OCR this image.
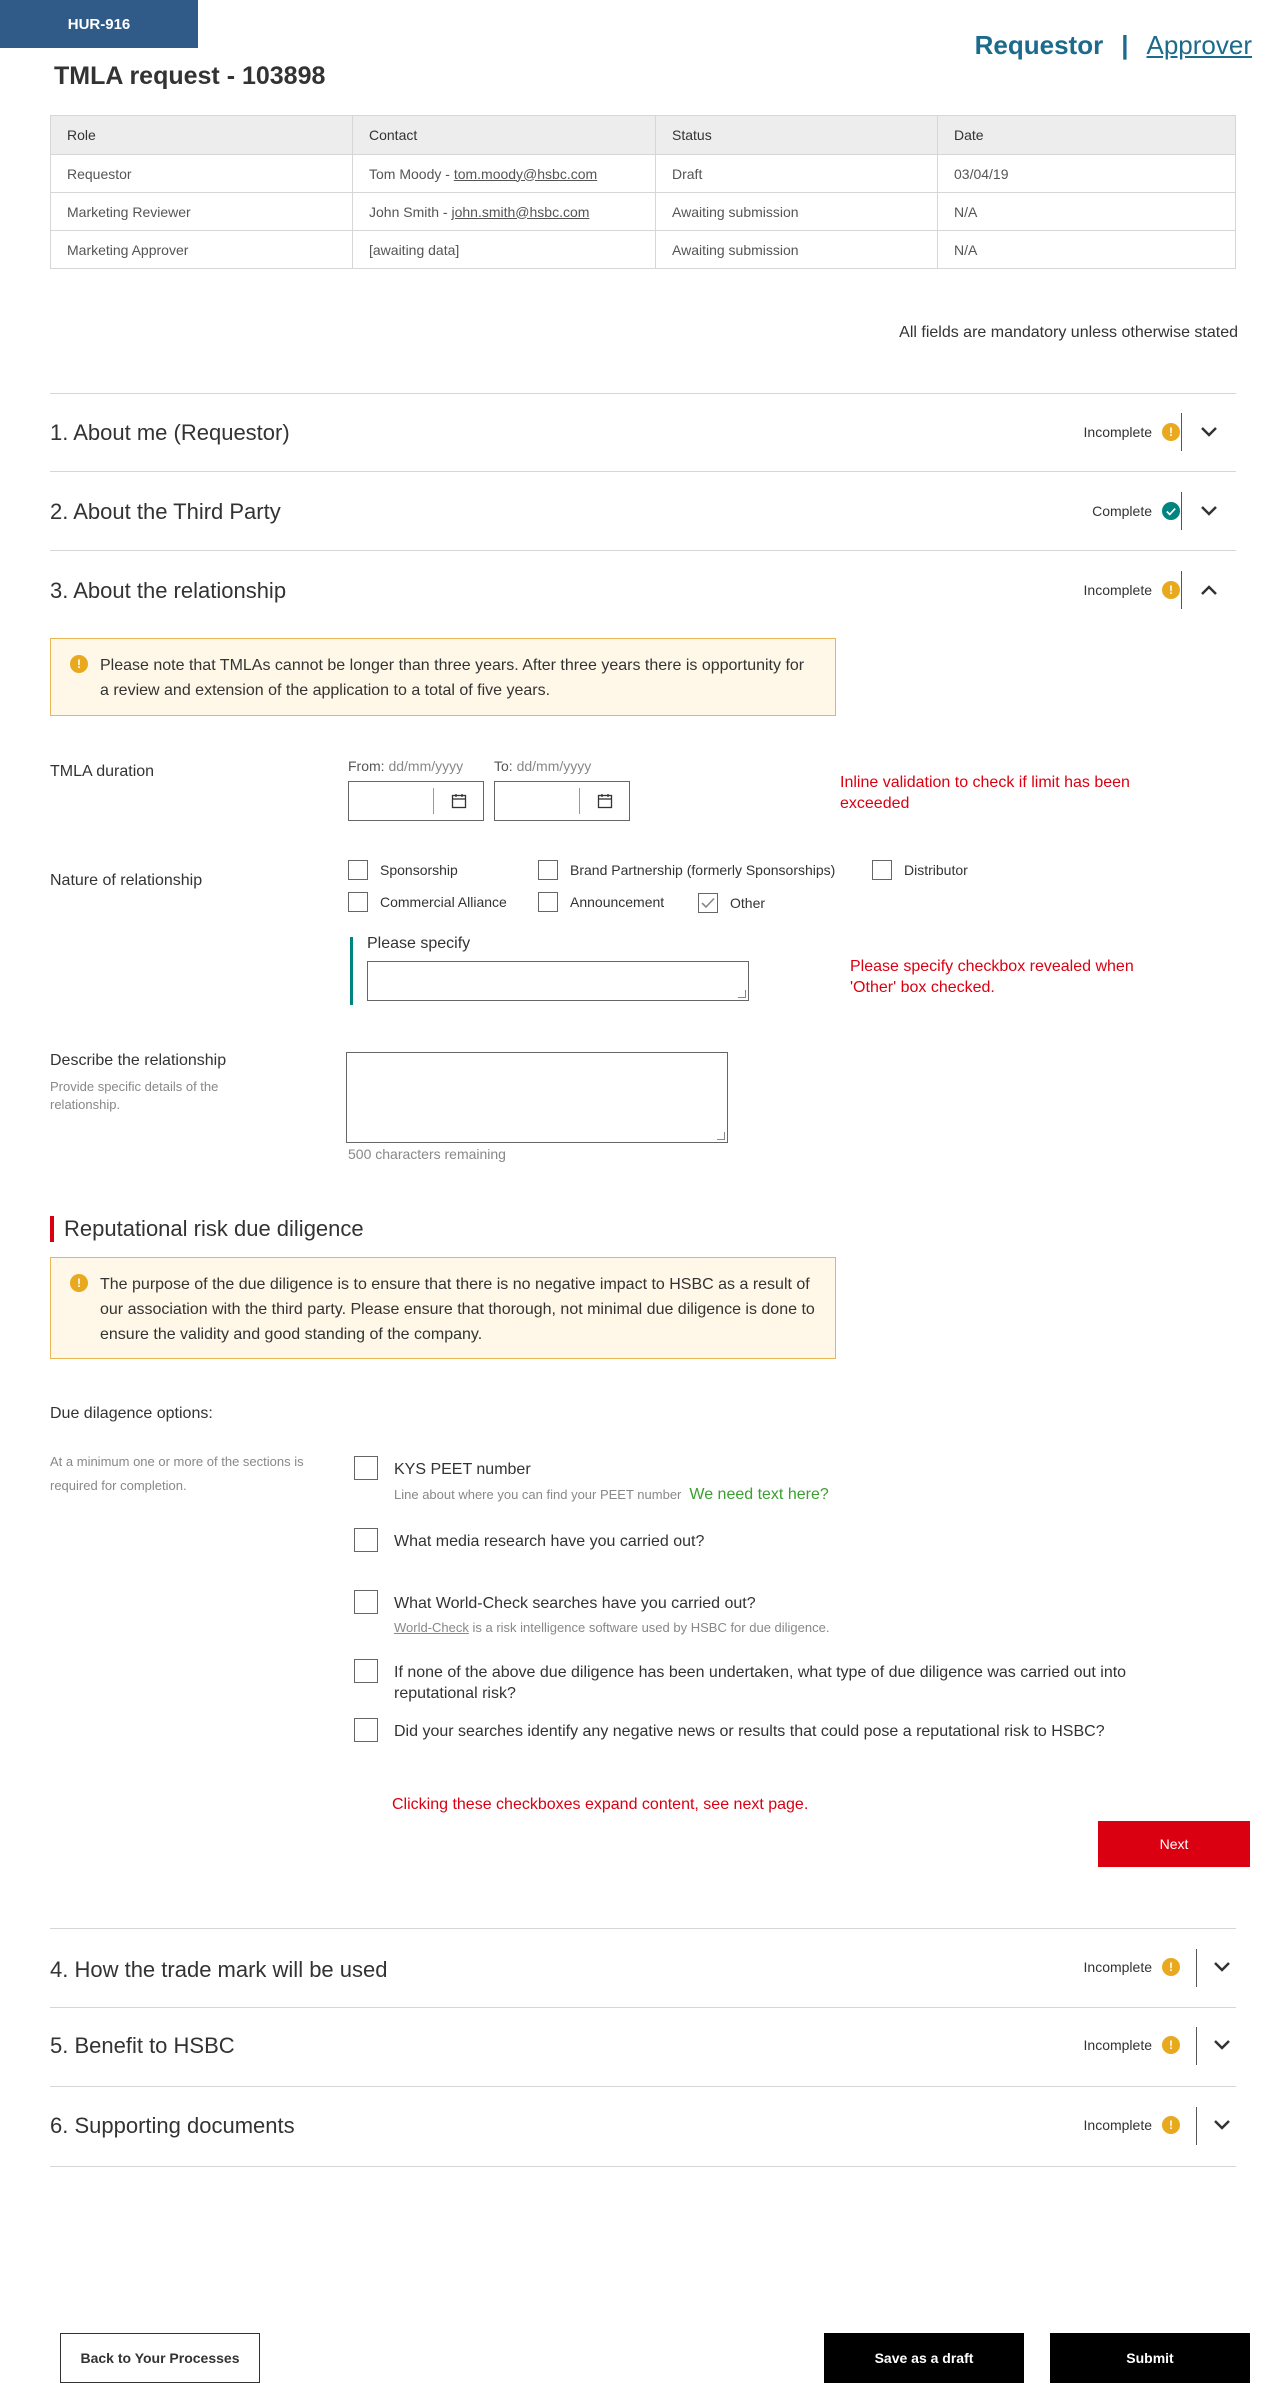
HUR-916
TMLA request - 103898
Requestor | Approver
Role	Contact	Status	Date
Requestor	Tom Moody - tom.moody@hsbc.com	Draft	03/04/19
Marketing Reviewer	John Smith - john.smith@hsbc.com	Awaiting submission	N/A
Marketing Approver	[awaiting data]	Awaiting submission	N/A
All fields are mandatory unless otherwise stated
1. About me (Requestor)	Incomplete	!
2. About the Third Party	Complete
3. About the relationship	Incomplete	!
!	Please note that TMLAs cannot be longer than three years. After three years there is opportunity for a review and extension of the application to a total of five years.
TMLA duration	From: dd/mm/yyyy To: dd/mm/yyyy
Inline validation to check if limit has been exceeded
Nature of relationship
Sponsorship	Brand Partnership (formerly Sponsorships)	Distributor
Commercial Alliance	Announcement	Other
Please specify
Please specify checkbox revealed when 'Other' box checked.
Describe the relationship
Provide specific details of the relationship.
500 characters remaining
Reputational risk due diligence
!	The purpose of the due diligence is to ensure that there is no negative impact to HSBC as a result of our association with the third party. Please ensure that thorough, not minimal due diligence is done to ensure the validity and good standing of the company.
Due dilagence options:
At a minimum one or more of the sections is required for completion.
KYS PEET number
Line about where you can find your PEET number We need text here?
What media research have you carried out?
What World-Check searches have you carried out?
World-Check is a risk intelligence software used by HSBC for due diligence.
If none of the above due diligence has been undertaken, what type of due diligence was carried out into reputational risk?
Did your searches identify any negative news or results that could pose a reputational risk to HSBC?
Clicking these checkboxes expand content, see next page.
Next
4. How the trade mark will be used	Incomplete	!
5. Benefit to HSBC	Incomplete	!
6. Supporting documents	Incomplete	!
Back to Your Processes	Save as a draft	Submit
